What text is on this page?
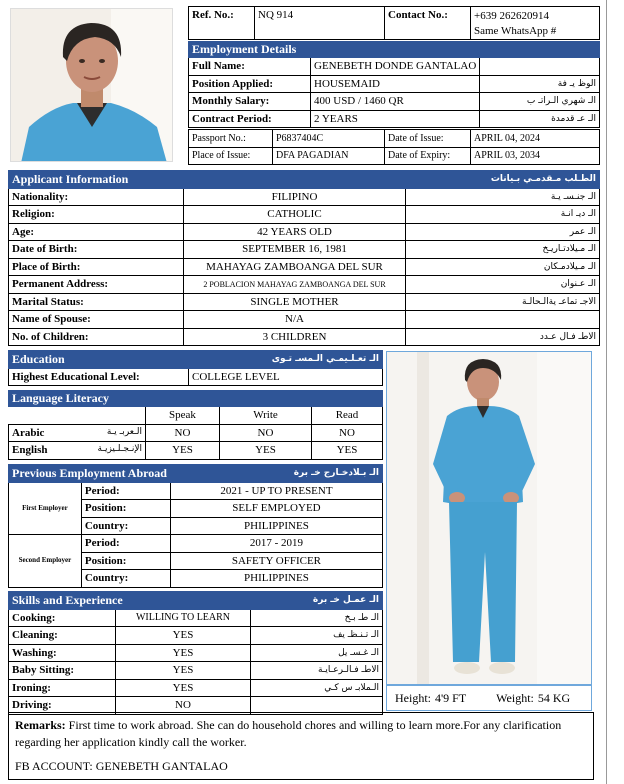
Ref. No.:	NQ 914	Contact No.:	+639 262620914
Same WhatsApp #
Employment Details		
Full Name:	GENEBETH DONDE GANTALAO	
Position Applied:	HOUSEMAID	الوظ يـ فة
Monthly Salary:	400 USD / 1460 QR	الـ شهري الـراتـ ب
Contract Period:	2 YEARS	الـ عـ قدمدة
Passport No.:	P6837404C	Date of Issue:	APRIL 04, 2024
Place of Issue:	DFA PAGADIAN	Date of Expiry:	APRIL 03, 2034
Applicant Information		الطـلب مـقدمـي بـيانات
Nationality:	FILIPINO	الـ جنـسـ يـة
Religion:	CATHOLIC	الـ ديـ انـة
Age:	42 YEARS OLD	الـ عمر
Date of Birth:	SEPTEMBER 16, 1981	الـ مـيلادتـاريـخ
Place of Birth:	MAHAYAG ZAMBOANGA DEL SUR	الـ مـيلادمـكان
Permanent Address:	2 POBLACION MAHAYAG ZAMBOANGA DEL SUR	الـ عـنوان
Marital Status:	SINGLE MOTHER	الاجـ تماعـ يةالـحالـة
Name of Spouse:	N/A	
No. of Children:	3 CHILDREN	الاطـ فـال عـدد
Education	الـ تعـلـيمـي الـمسـ تـوى
Highest Educational Level:	COLLEGE LEVEL
Language Literacy			
	Speak	Write	Read
Arabic الـعربـ يـة	NO	NO	NO
English الإنـجـلـيزيـة	YES	YES	YES
Previous Employment Abroad		الـ بـلادخـارج خـ برة
First Employer	Period:	2021 - UP TO PRESENT
	Position:	SELF EMPLOYED
	Country:	PHILIPPINES
Second Employer	Period:	2017 - 2019
	Position:	SAFETY OFFICER
	Country:	PHILIPPINES
Skills and Experience		الـ عمـل خـ برة
Cooking:	WILLING TO LEARN	الـ طـ بـخ
Cleaning:	YES	الـ تـنـظـ يف
Washing:	YES	الـ غـسـ يل
Baby Sitting:	YES	الاطـ فـالـرعـايـة
Ironing:	YES	الـملابـ س كـي
Driving:	NO	
Height: 4'9 FT	Weight: 54 KG
Remarks: First time to work abroad. She can do household chores and willing to learn more.For any clarification regarding her application kindly call the worker.
FB ACCOUNT: GENEBETH GANTALAO
